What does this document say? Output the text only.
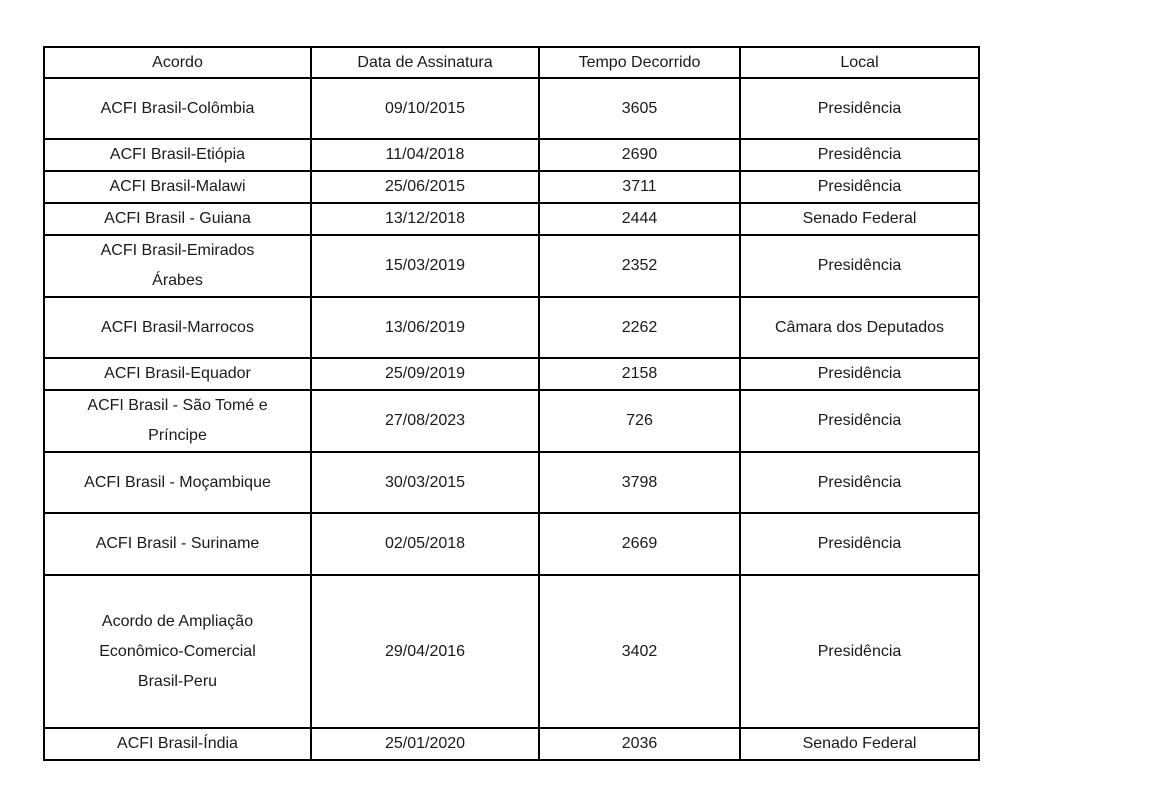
Acordo	Data de Assinatura	Tempo Decorrido	Local
ACFI Brasil-Colômbia	09/10/2015	3605	Presidência
ACFI Brasil-Etiópia	11/04/2018	2690	Presidência
ACFI Brasil-Malawi	25/06/2015	3711	Presidência
ACFI Brasil - Guiana	13/12/2018	2444	Senado Federal
ACFI Brasil-Emirados Árabes	15/03/2019	2352	Presidência
ACFI Brasil-Marrocos	13/06/2019	2262	Câmara dos Deputados
ACFI Brasil-Equador	25/09/2019	2158	Presidência
ACFI Brasil - São Tomé e Príncipe	27/08/2023	726	Presidência
ACFI Brasil - Moçambique	30/03/2015	3798	Presidência
ACFI Brasil - Suriname	02/05/2018	2669	Presidência
Acordo de Ampliação Econômico-Comercial Brasil-Peru	29/04/2016	3402	Presidência
ACFI Brasil-Índia	25/01/2020	2036	Senado Federal
